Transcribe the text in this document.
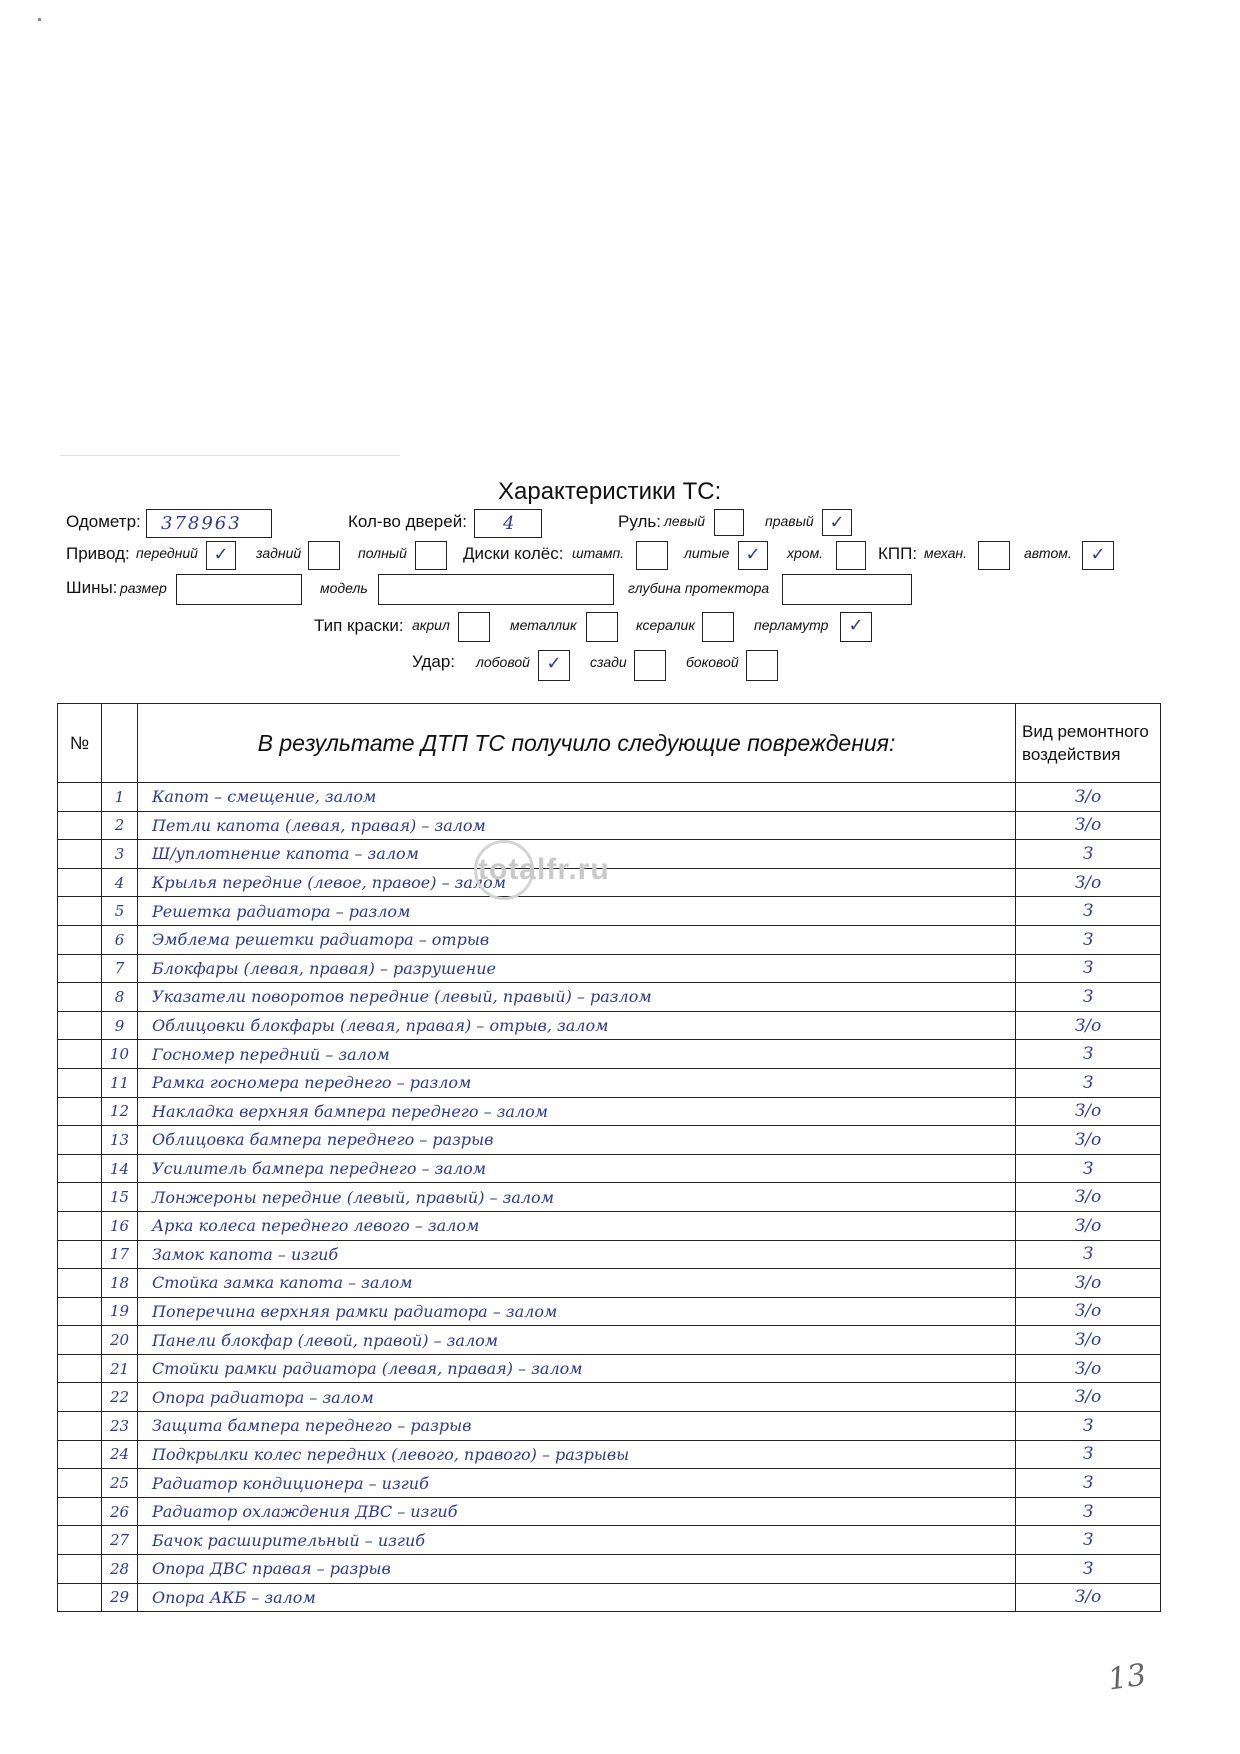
Характеристики ТС:
Одометр: 378963	Кол-во дверей: 4	Руль: левый	правый ✓
Привод: передний ✓	задний	полный	Диски колёс: штамп.	литые ✓	хром.	КПП: механ.	автом.	✓
Шины: размер	модель	глубина протектора
Тип краски: акрил	металлик	ксералик	перламутр	✓
Удар: лобовой ✓	сзади	боковой
№		В результате ДТП ТС получило следующие повреждения:	Вид ремонтного воздействия
	1	Капот – смещение, залом	З/о
	2	Петли капота (левая, правая) – залом	З/о
	3	Ш/уплотнение капота – залом	З
	4	Крылья передние (левое, правое) – залом	З/о
	5	Решетка радиатора – разлом	З
	6	Эмблема решетки радиатора – отрыв	З
	7	Блокфары (левая, правая) – разрушение	З
	8	Указатели поворотов передние (левый, правый) – разлом	З
	9	Облицовки блокфары (левая, правая) – отрыв, залом	З/о
	10	Госномер передний – залом	З
	11	Рамка госномера переднего – разлом	З
	12	Накладка верхняя бампера переднего – залом	З/о
	13	Облицовка бампера переднего – разрыв	З/о
	14	Усилитель бампера переднего – залом	З
	15	Лонжероны передние (левый, правый) – залом	З/о
	16	Арка колеса переднего левого – залом	З/о
	17	Замок капота – изгиб	З
	18	Стойка замка капота – залом	З/о
	19	Поперечина верхняя рамки радиатора – залом	З/о
	20	Панели блокфар (левой, правой) – залом	З/о
	21	Стойки рамки радиатора (левая, правая) – залом	З/о
	22	Опора радиатора – залом	З/о
	23	Защита бампера переднего – разрыв	З
	24	Подкрылки колес передних (левого, правого) – разрывы	З
	25	Радиатор кондиционера – изгиб	З
	26	Радиатор охлаждения ДВС – изгиб	З
	27	Бачок расширительный – изгиб	З
	28	Опора ДВС правая – разрыв	З
	29	Опора АКБ – залом	З/о
totalfr.ru
13
